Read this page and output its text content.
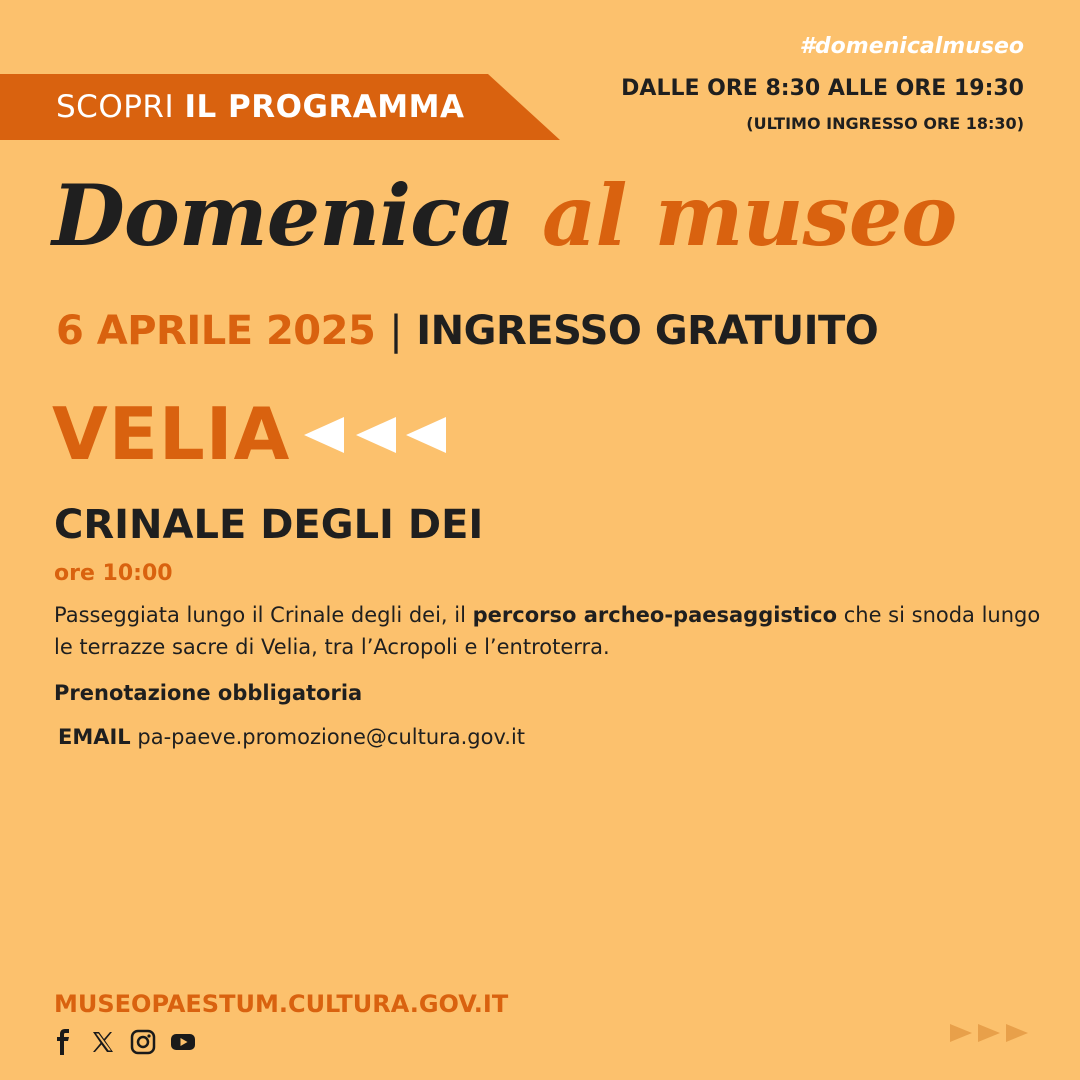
SCOPRI IL PROGRAMMA
#domenicalmuseo
DALLE ORE 8:30 ALLE ORE 19:30
(ULTIMO INGRESSO ORE 18:30)
Domenica al museo
6 APRILE 2025 | INGRESSO GRATUITO
VELIA
CRINALE DEGLI DEI
ore 10:00
Passeggiata lungo il Crinale degli dei, il percorso archeo-paesaggistico che si snoda lungo le terrazze sacre di Velia, tra l’Acropoli e l’entroterra.
Prenotazione obbligatoria
EMAIL pa-paeve.promozione@cultura.gov.it
MUSEOPAESTUM.CULTURA.GOV.IT
